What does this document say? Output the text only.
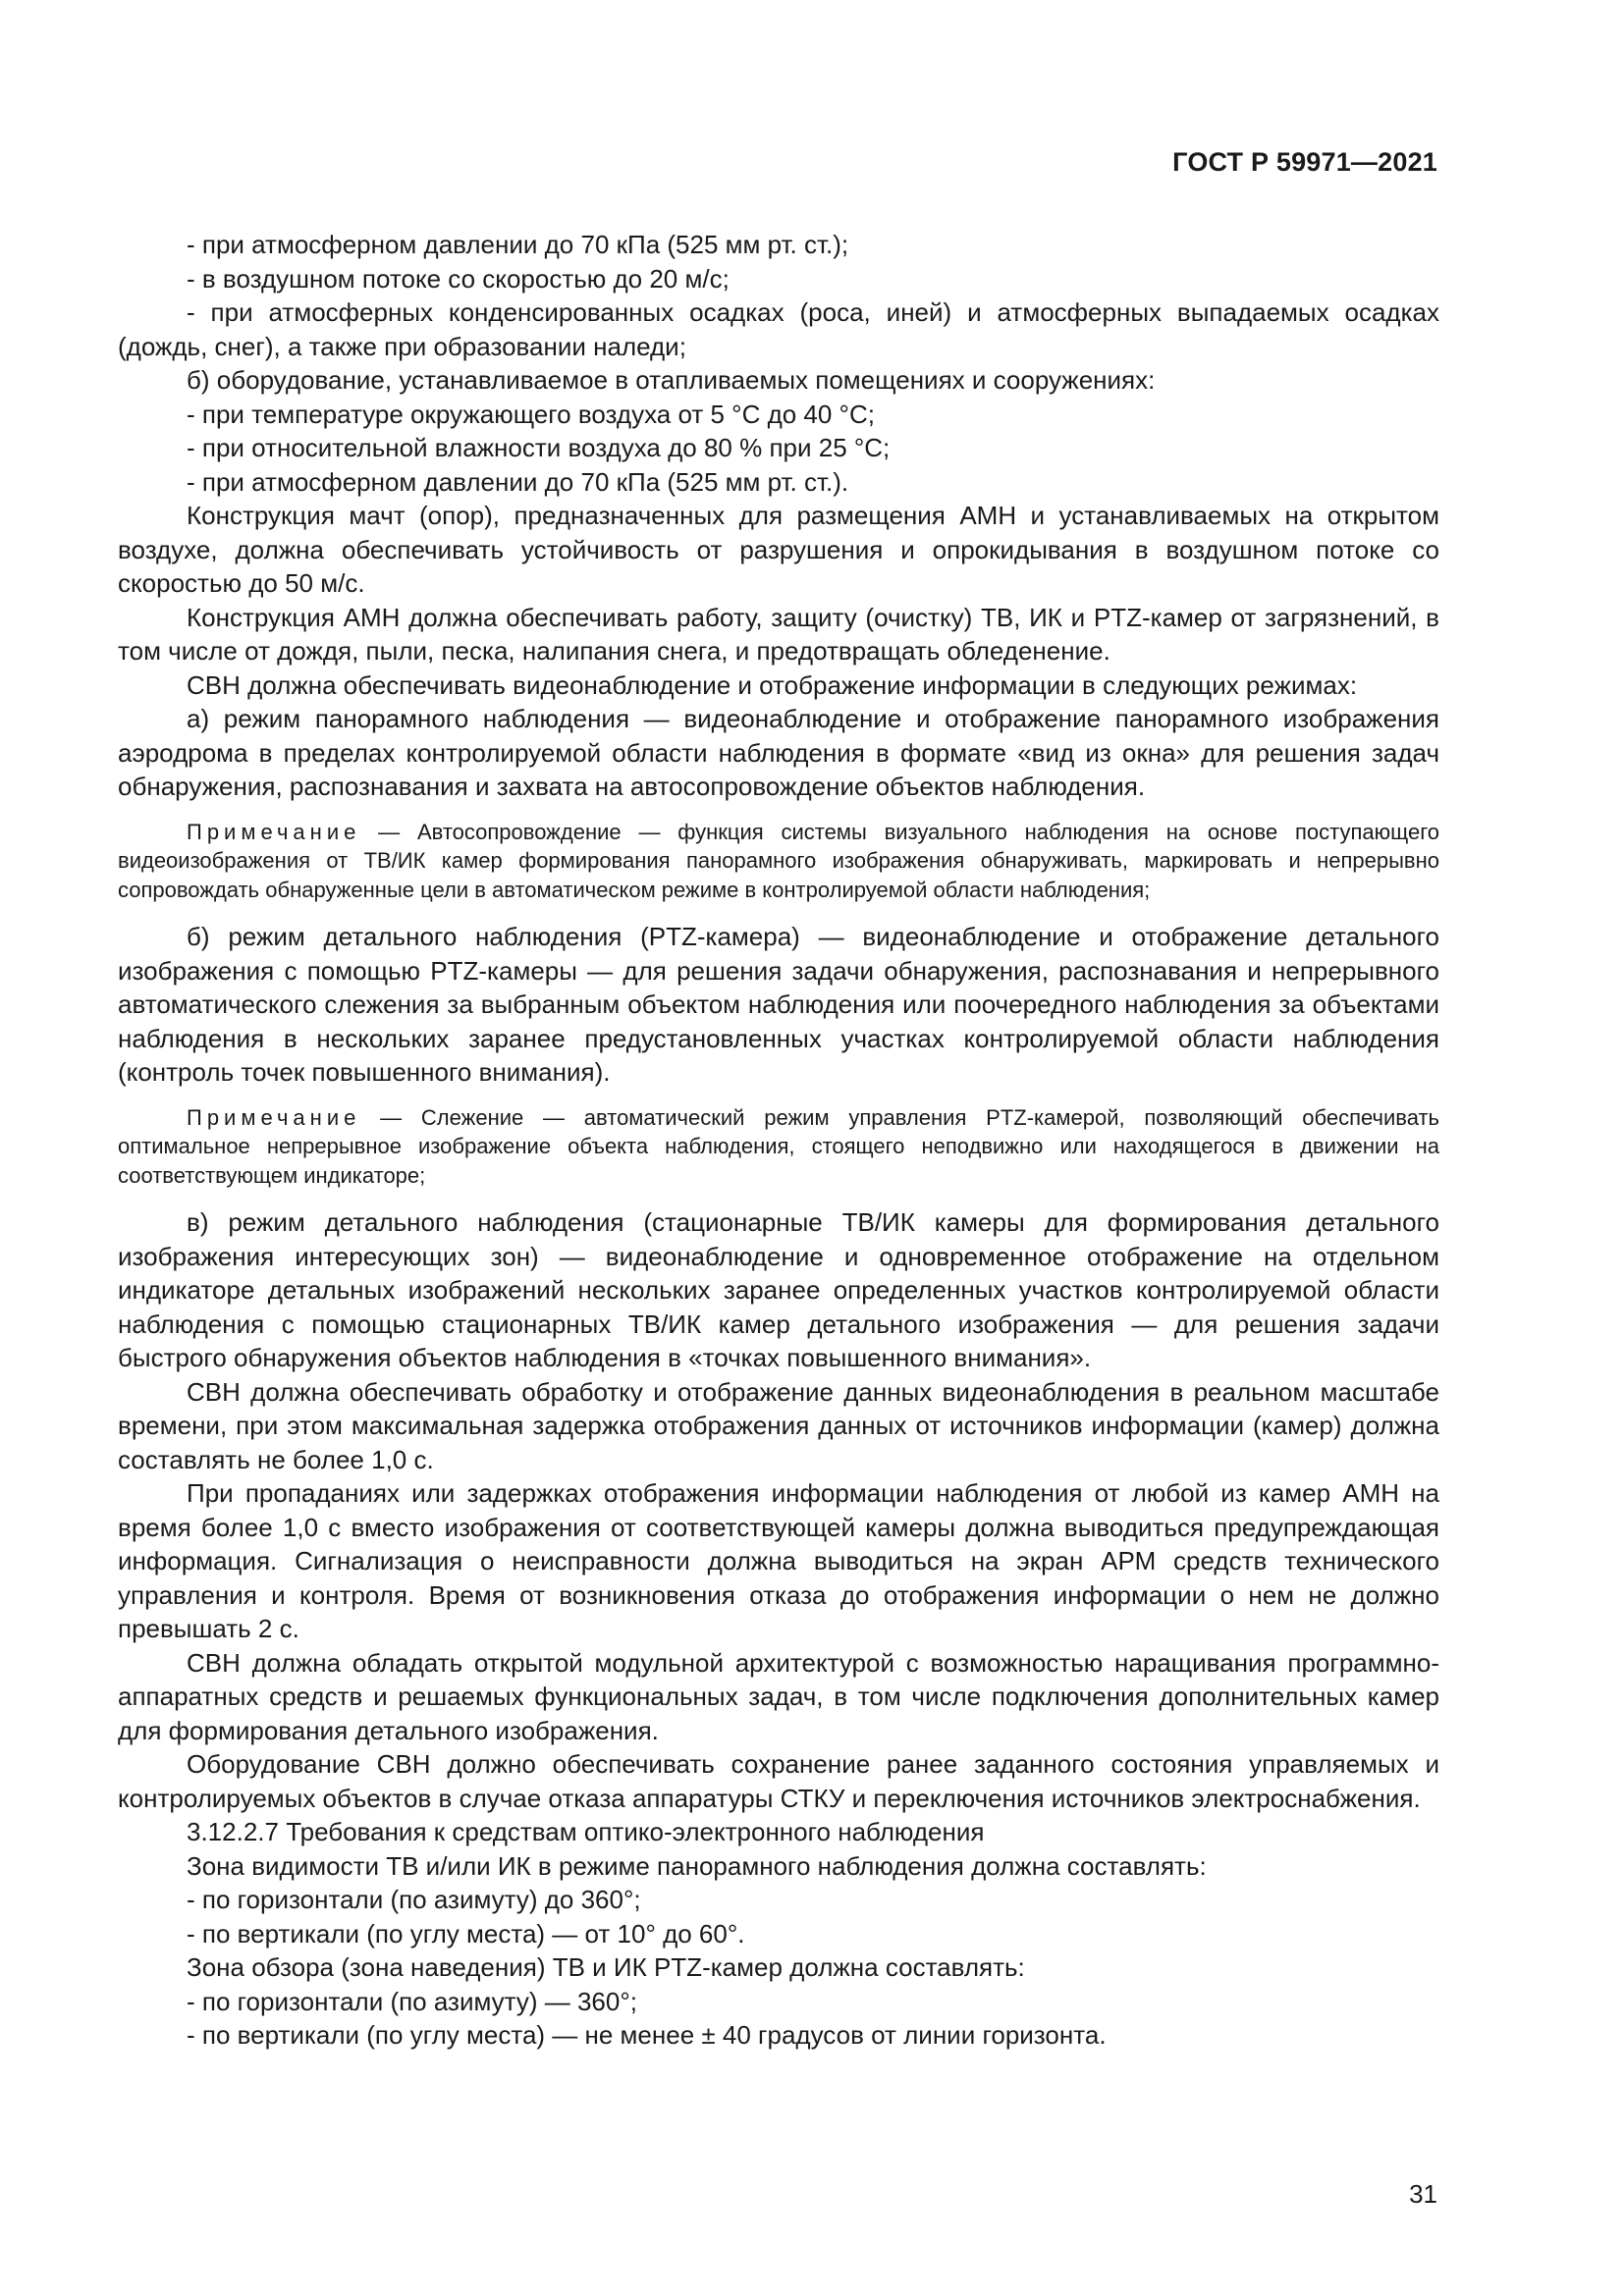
ГОСТ Р 59971—2021

- при атмосферном давлении до 70 кПа (525 мм рт. ст.);

- в воздушном потоке со скоростью до 20 м/с;

- при атмосферных конденсированных осадках (роса, иней) и атмосферных выпадаемых осадках (дождь, снег), а также при образовании наледи;

б) оборудование, устанавливаемое в отапливаемых помещениях и сооружениях:

- при температуре окружающего воздуха от 5 °С до 40 °С;

- при относительной влажности воздуха до 80 % при 25 °С;

- при атмосферном давлении до 70 кПа (525 мм рт. ст.).

Конструкция мачт (опор), предназначенных для размещения АМН и устанавливаемых на открытом воздухе, должна обеспечивать устойчивость от разрушения и опрокидывания в воздушном потоке со скоростью до 50 м/с.

Конструкция АМН должна обеспечивать работу, защиту (очистку) ТВ, ИК и PTZ-камер от загрязнений, в том числе от дождя, пыли, песка, налипания снега, и предотвращать обледенение.

СВН должна обеспечивать видеонаблюдение и отображение информации в следующих режимах:

а) режим панорамного наблюдения — видеонаблюдение и отображение панорамного изображения аэродрома в пределах контролируемой области наблюдения в формате «вид из окна» для решения задач обнаружения, распознавания и захвата на автосопровождение объектов наблюдения.

Примечание — Автосопровождение — функция системы визуального наблюдения на основе поступающего видеоизображения от ТВ/ИК камер формирования панорамного изображения обнаруживать, маркировать и непрерывно сопровождать обнаруженные цели в автоматическом режиме в контролируемой области наблюдения;

б) режим детального наблюдения (PTZ-камера) — видеонаблюдение и отображение детального изображения с помощью PTZ-камеры — для решения задачи обнаружения, распознавания и непрерывного автоматического слежения за выбранным объектом наблюдения или поочередного наблюдения за объектами наблюдения в нескольких заранее предустановленных участках контролируемой области наблюдения (контроль точек повышенного внимания).

Примечание — Слежение — автоматический режим управления PTZ-камерой, позволяющий обеспечивать оптимальное непрерывное изображение объекта наблюдения, стоящего неподвижно или находящегося в движении на соответствующем индикаторе;

в) режим детального наблюдения (стационарные ТВ/ИК камеры для формирования детального изображения интересующих зон) — видеонаблюдение и одновременное отображение на отдельном индикаторе детальных изображений нескольких заранее определенных участков контролируемой области наблюдения с помощью стационарных ТВ/ИК камер детального изображения — для решения задачи быстрого обнаружения объектов наблюдения в «точках повышенного внимания».

СВН должна обеспечивать обработку и отображение данных видеонаблюдения в реальном масштабе времени, при этом максимальная задержка отображения данных от источников информации (камер) должна составлять не более 1,0 с.

При пропаданиях или задержках отображения информации наблюдения от любой из камер АМН на время более 1,0 с вместо изображения от соответствующей камеры должна выводиться предупреждающая информация. Сигнализация о неисправности должна выводиться на экран АРМ средств технического управления и контроля. Время от возникновения отказа до отображения информации о нем не должно превышать 2 с.

СВН должна обладать открытой модульной архитектурой с возможностью наращивания программно-аппаратных средств и решаемых функциональных задач, в том числе подключения дополнительных камер для формирования детального изображения.

Оборудование СВН должно обеспечивать сохранение ранее заданного состояния управляемых и контролируемых объектов в случае отказа аппаратуры СТКУ и переключения источников электроснабжения.

3.12.2.7 Требования к средствам оптико-электронного наблюдения

Зона видимости ТВ и/или ИК в режиме панорамного наблюдения должна составлять:

- по горизонтали (по азимуту) до 360°;

- по вертикали (по углу места) — от 10° до 60°.

Зона обзора (зона наведения) ТВ и ИК PTZ-камер должна составлять:

- по горизонтали (по азимуту) — 360°;

- по вертикали (по углу места) — не менее ± 40 градусов от линии горизонта.

31
